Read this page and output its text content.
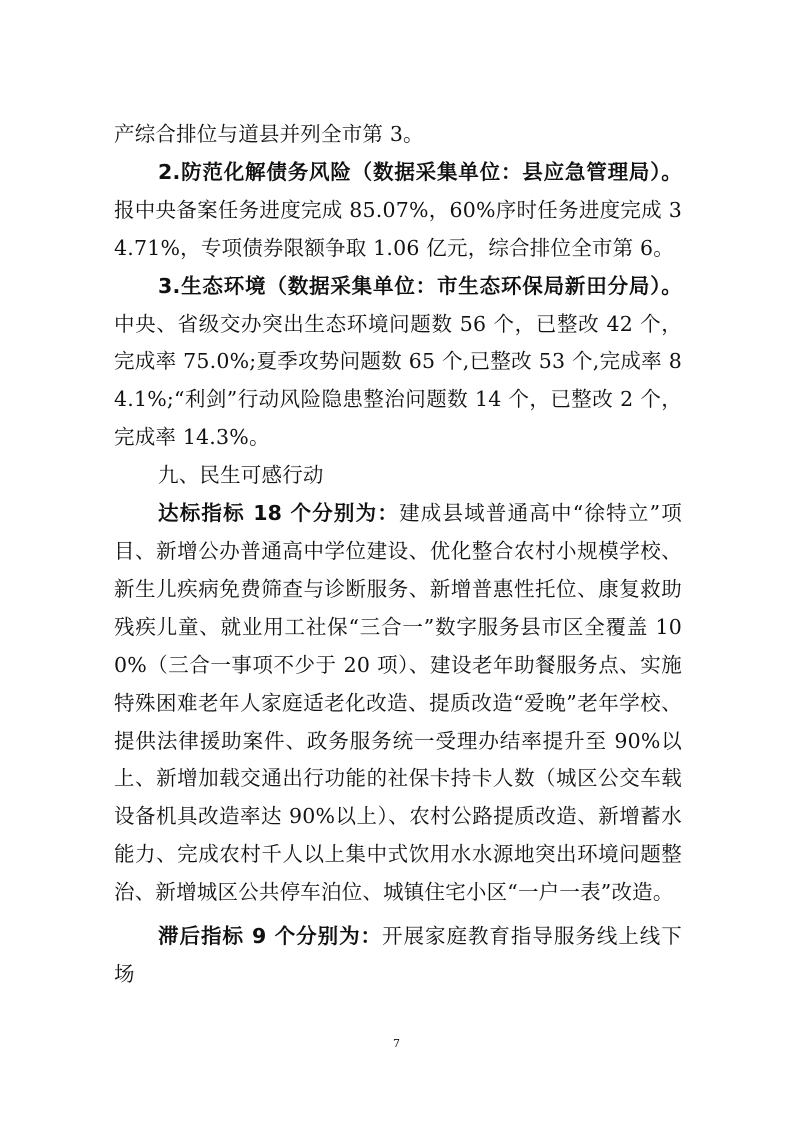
产综合排位与道县并列全市第 3。

2.防范化解债务风险（数据采集单位：县应急管理局）。报中央备案任务进度完成 85.07%，60%序时任务进度完成 34.71%，专项债券限额争取 1.06 亿元，综合排位全市第 6。

3.生态环境（数据采集单位：市生态环保局新田分局）。中央、省级交办突出生态环境问题数 56 个，已整改 42 个，完成率 75.0%;夏季攻势问题数 65 个,已整改 53 个,完成率 84.1%;“利剑”行动风险隐患整治问题数 14 个，已整改 2 个，完成率 14.3%。

九、民生可感行动

达标指标 18 个分别为：建成县域普通高中“徐特立”项目、新增公办普通高中学位建设、优化整合农村小规模学校、新生儿疾病免费筛查与诊断服务、新增普惠性托位、康复救助残疾儿童、就业用工社保“三合一”数字服务县市区全覆盖 100%（三合一事项不少于 20 项）、建设老年助餐服务点、实施特殊困难老年人家庭适老化改造、提质改造“爱晚”老年学校、提供法律援助案件、政务服务统一受理办结率提升至 90%以上、新增加载交通出行功能的社保卡持卡人数（城区公交车载设备机具改造率达 90%以上）、农村公路提质改造、新增蓄水能力、完成农村千人以上集中式饮用水水源地突出环境问题整治、新增城区公共停车泊位、城镇住宅小区“一户一表”改造。

滞后指标 9 个分别为：开展家庭教育指导服务线上线下场

7
